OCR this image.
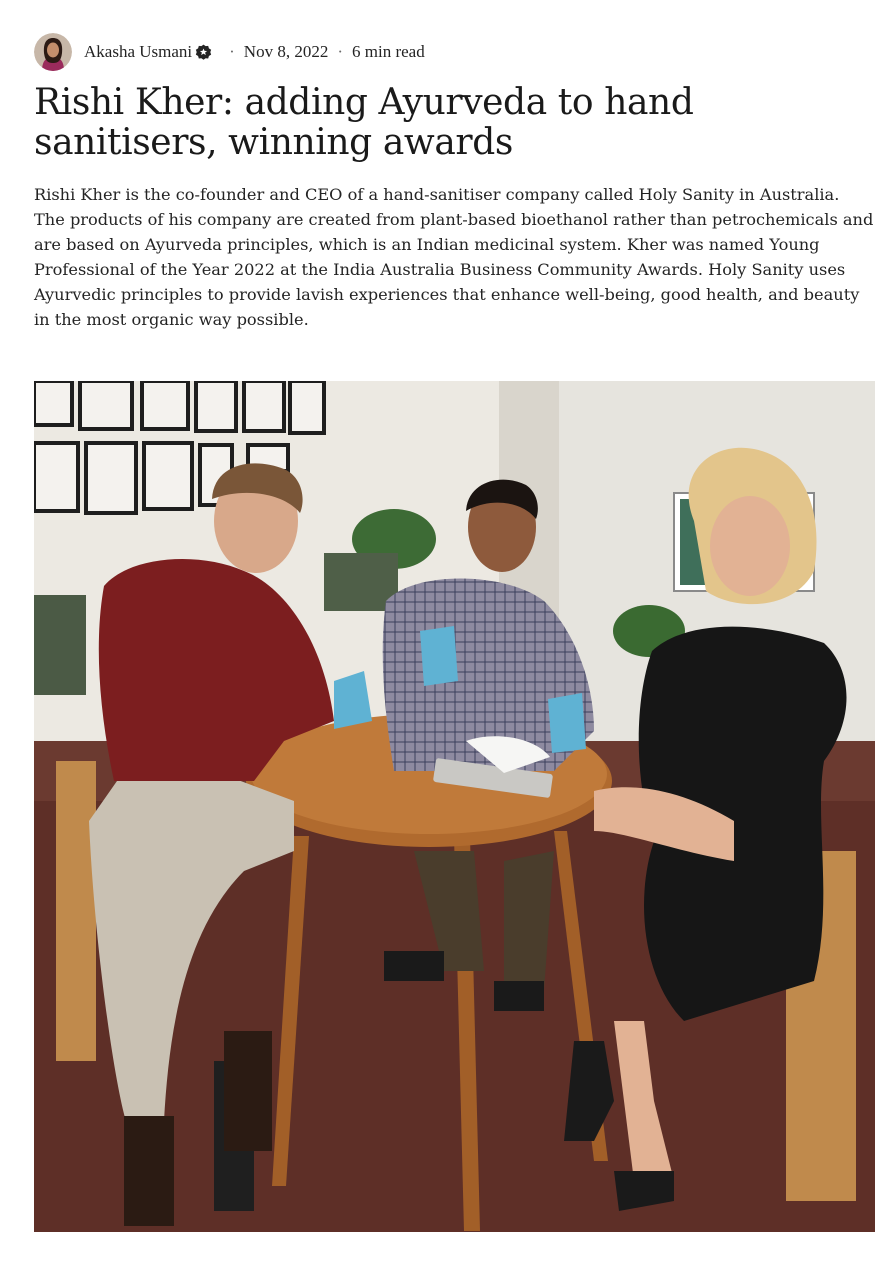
Akasha Usmani · Nov 8, 2022 · 6 min read
Rishi Kher: adding Ayurveda to hand sanitisers, winning awards

Rishi Kher is the co-founder and CEO of a hand-sanitiser company called Holy Sanity in Australia. The products of his company are created from plant-based bioethanol rather than petrochemicals and are based on Ayurveda principles, which is an Indian medicinal system. Kher was named Young Professional of the Year 2022 at the India Australia Business Community Awards. Holy Sanity uses Ayurvedic principles to provide lavish experiences that enhance well-being, good health, and beauty in the most organic way possible.
